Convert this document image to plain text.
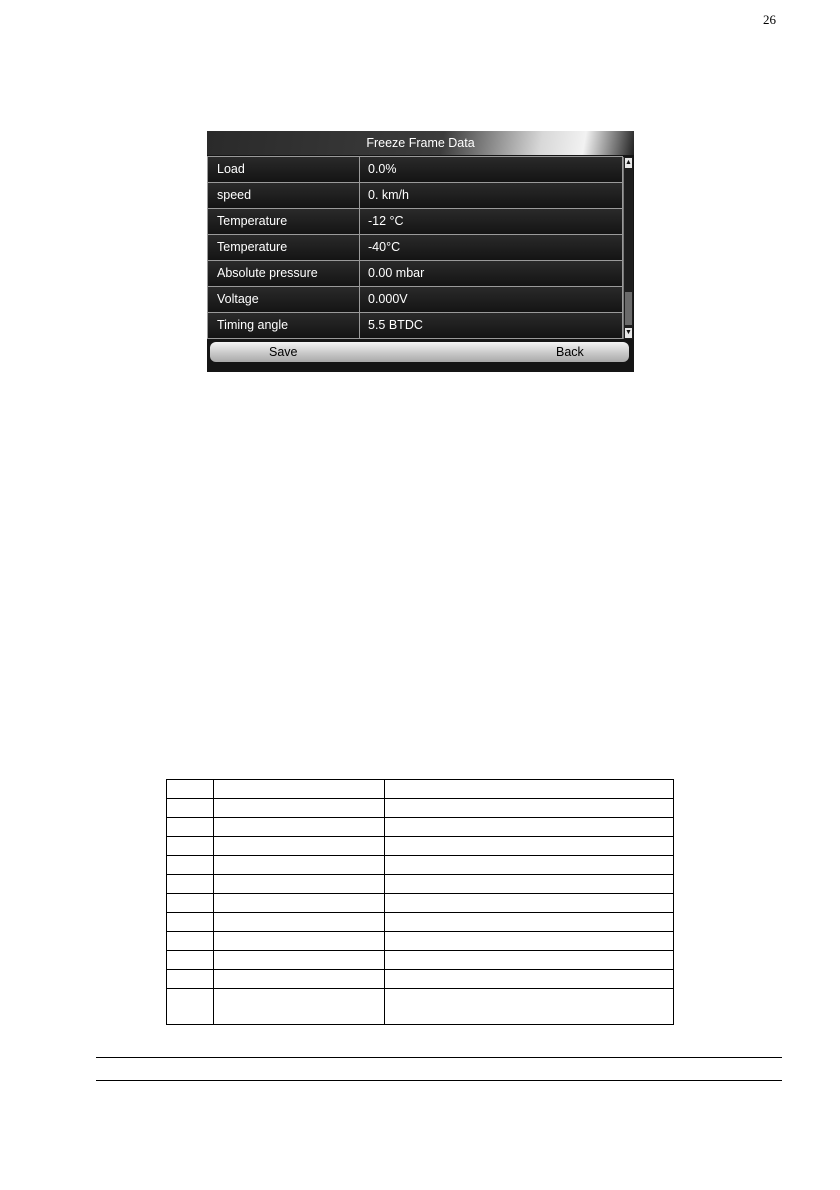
26
Freeze Frame Data
Load	0.0%
speed	0. km/h
Temperature	-12 °C
Temperature	-40°C
Absolute pressure	0.00 mbar
Voltage	0.000V
Timing angle	5.5 BTDC
▲
▼
Save	Back
